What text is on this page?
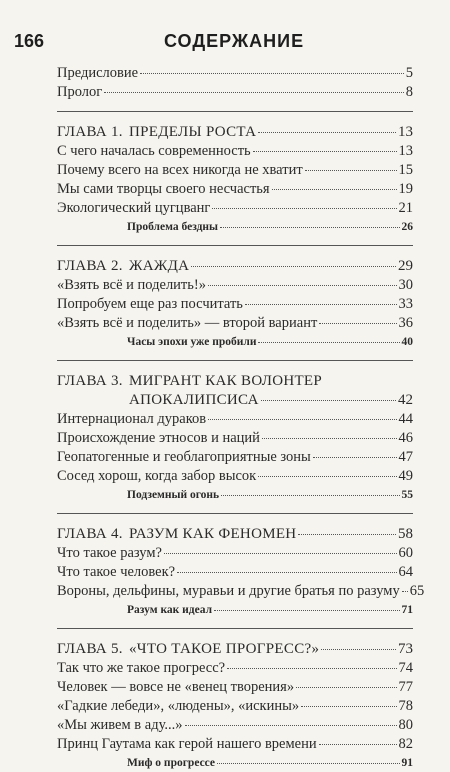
166	СОДЕРЖАНИЕ
Предисловие	5
Пролог	8
ГЛАВА 1. ПРЕДЕЛЫ РОСТА	13
С чего началась современность	13
Почему всего на всех никогда не хватит	15
Мы сами творцы своего несчастья	19
Экологический цугцванг	21
Проблема бездны	26
ГЛАВА 2. ЖАЖДА	29
«Взять всё и поделить!»	30
Попробуем еще раз посчитать	33
«Взять всё и поделить» — второй вариант	36
Часы эпохи уже пробили	40
ГЛАВА 3. МИГРАНТ КАК ВОЛОНТЕР
АПОКАЛИПСИСА	42
Интернационал дураков	44
Происхождение этносов и наций	46
Геопатогенные и геоблагоприятные зоны	47
Сосед хорош, когда забор высок	49
Подземный огонь	55
ГЛАВА 4. РАЗУМ КАК ФЕНОМЕН	58
Что такое разум?	60
Что такое человек?	64
Вороны, дельфины, муравьи и другие братья по разуму 65
Разум как идеал	71
ГЛАВА 5. «ЧТО ТАКОЕ ПРОГРЕСС?»	73
Так что же такое прогресс?	74
Человек — вовсе не «венец творения»	77
«Гадкие лебеди», «людены», «искины»	78
«Мы живем в аду...»	80
Принц Гаутама как герой нашего времени	82
Миф о прогрессе	91
